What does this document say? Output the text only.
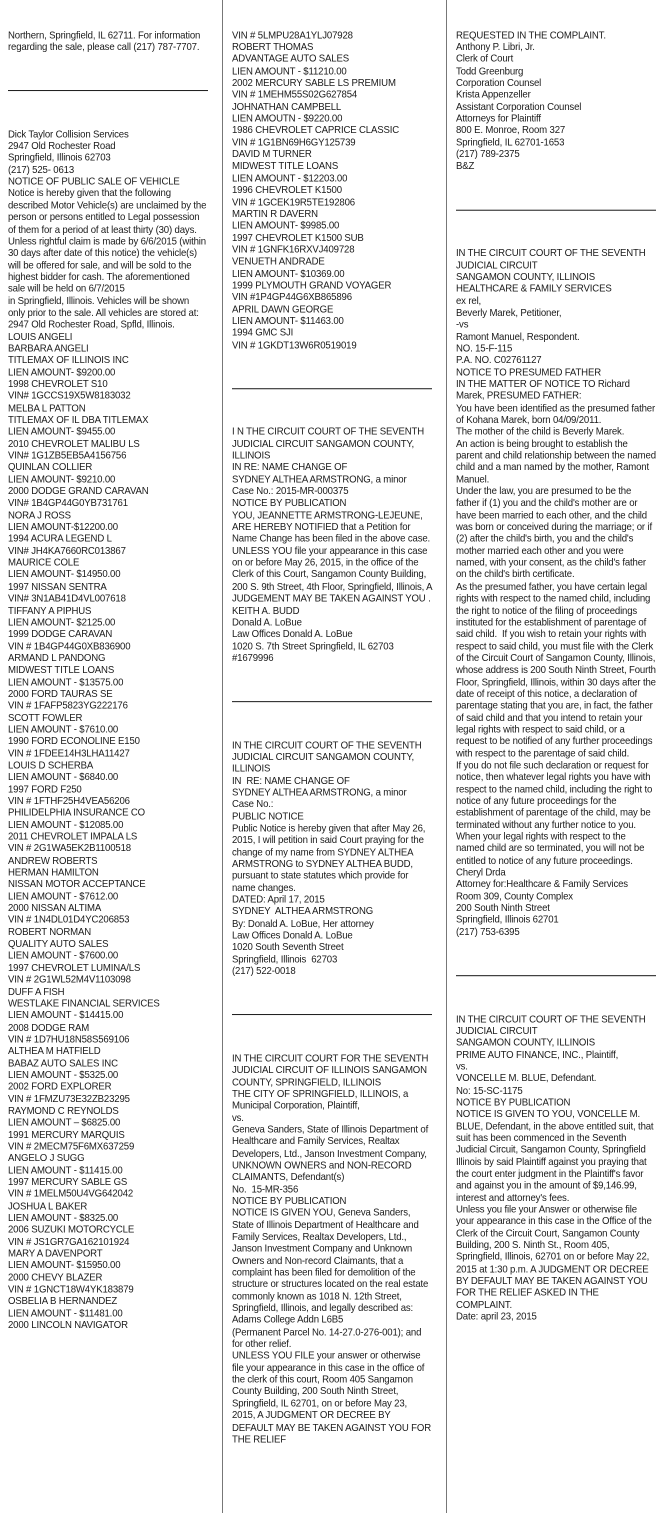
Northern, Springfield, IL 62711. For information regarding the sale, please call (217) 787-7707.

Dick Taylor Collision Services
2947 Old Rochester Road
Springfield, Illinois 62703
(217) 525- 0613
NOTICE OF PUBLIC SALE OF VEHICLE
Notice is hereby given that the following described Motor Vehicle(s) are unclaimed by the person or persons entitled to Legal possession of them for a period of at least thirty (30) days.
Unless rightful claim is made by 6/6/2015 (within 30 days after date of this notice) the vehicle(s) will be offered for sale, and will be sold to the highest bidder for cash. The aforementioned sale will be held on 6/7/2015
in Springfield, Illinois. Vehicles will be shown only prior to the sale. All vehicles are stored at: 2947 Old Rochester Road, Spfld, Illinois.
LOUIS ANGELI
BARBARA ANGELI
TITLEMAX OF ILLINOIS INC
LIEN AMOUNT- $9200.00
1998 CHEVROLET S10
VIN# 1GCCS19X5W8183032
MELBA L PATTON
TITLEMAX OF IL DBA TITLEMAX
LIEN AMOUNT- $9455.00
2010 CHEVROLET MALIBU LS
VIN# 1G1ZB5EB5A4156756
QUINLAN COLLIER
LIEN AMOUNT- $9210.00
2000 DODGE GRAND CARAVAN
VIN# 1B4GP44G0YB731761
NORA J ROSS
LIEN AMOUNT-$12200.00
1994 ACURA LEGEND L
VIN# JH4KA7660RC013867
MAURICE COLE
LIEN AMOUNT- $14950.00
1997 NISSAN SENTRA
VIN# 3N1AB41D4VL007618
TIFFANY A PIPHUS
LIEN AMOUNT- $2125.00
1999 DODGE CARAVAN
VIN # 1B4GP44G0XB836900
ARMAND L PANDONG
MIDWEST TITLE LOANS
LIEN AMOUNT - $13575.00
2000 FORD TAURAS SE
VIN # 1FAFP5823YG222176
SCOTT FOWLER
LIEN AMOUNT - $7610.00
1990 FORD ECONOLINE E150
VIN # 1FDEE14H3LHA11427
LOUIS D SCHERBA
LIEN AMOUNT - $6840.00
1997 FORD F250
VIN # 1FTHF25H4VEA56206
PHILIDELPHIA INSURANCE CO
LIEN AMOUNT - $12085.00
2011 CHEVROLET IMPALA LS
VIN # 2G1WA5EK2B1100518
ANDREW ROBERTS
HERMAN HAMILTON
NISSAN MOTOR ACCEPTANCE
LIEN AMOUNT - $7612.00
2000 NISSAN ALTIMA
VIN # 1N4DL01D4YC206853
ROBERT NORMAN
QUALITY AUTO SALES
LIEN AMOUNT - $7600.00
1997 CHEVROLET LUMINA/LS
VIN # 2G1WL52M4V1103098
DUFF A FISH
WESTLAKE FINANCIAL SERVICES
LIEN AMOUNT - $14415.00
2008 DODGE RAM
VIN # 1D7HU18N58S569106
ALTHEA M HATFIELD
BABAZ AUTO SALES INC
LIEN AMOUNT - $5325.00
2002 FORD EXPLORER
VIN # 1FMZU73E32ZB23295
RAYMOND C REYNOLDS
LIEN AMOUNT – $6825.00
1991 MERCURY MARQUIS
VIN # 2MECM75F6MX637259
ANGELO J SUGG
LIEN AMOUNT - $11415.00
1997 MERCURY SABLE GS
VIN # 1MELM50U4VG642042
JOSHUA L BAKER
LIEN AMOUNT - $8325.00
2006 SUZUKI MOTORCYCLE
VIN # JS1GR7GA162101924
MARY A DAVENPORT
LIEN AMOUNT- $15950.00
2000 CHEVY BLAZER
VIN # 1GNCT18W4YK183879
OSBELIA B HERNANDEZ
LIEN AMOUNT - $11481.00
2000 LINCOLN NAVIGATOR

VIN # 5LMPU28A1YLJ07928
ROBERT THOMAS
ADVANTAGE AUTO SALES
LIEN AMOUNT - $11210.00
2002 MERCURY SABLE LS PREMIUM
VIN # 1MEHM55S02G627854
JOHNATHAN CAMPBELL
LIEN AMOUTN - $9220.00
1986 CHEVROLET CAPRICE CLASSIC
VIN # 1G1BN69H6GY125739
DAVID M TURNER
MIDWEST TITLE LOANS
LIEN AMOUNT - $12203.00
1996 CHEVROLET K1500
VIN # 1GCEK19R5TE192806
MARTIN R DAVERN
LIEN AMOUNT- $9985.00
1997 CHEVROLET K1500 SUB
VIN # 1GNFK16RXVJ409728
VENUETH ANDRADE
LIEN AMOUNT- $10369.00
1999 PLYMOUTH GRAND VOYAGER
VIN #1P4GP44G6XB865896
APRIL DAWN GEORGE
LIEN AMOUNT- $11463.00
1994 GMC SJI
VIN # 1GKDT13W6R0519019

I N THE CIRCUIT COURT OF THE SEVENTH JUDICIAL CIRCUIT SANGAMON COUNTY, ILLINOIS
IN RE: NAME CHANGE OF
SYDNEY ALTHEA ARMSTRONG, a minor
Case No.: 2015-MR-000375
NOTICE BY PUBLICATION
YOU, JEANNETTE ARMSTRONG-LEJEUNE, ARE HEREBY NOTIFIED that a Petition for Name Change has been filed in the above case.
UNLESS YOU file your appearance in this case on or before May 26, 2015, in the office of the Clerk of this Court, Sangamon County Building, 200 S. 9th Street, 4th Floor, Springfield, Illinois, A JUDGEMENT MAY BE TAKEN AGAINST YOU .
KEITH A. BUDD
Donald A. LoBue
Law Offices Donald A. LoBue
1020 S. 7th Street Springfield, IL 62703
#1679996

IN THE CIRCUIT COURT OF THE SEVENTH JUDICIAL CIRCUIT SANGAMON COUNTY, ILLINOIS
IN  RE: NAME CHANGE OF
SYDNEY ALTHEA ARMSTRONG, a minor
Case No.:
PUBLIC NOTICE
Public Notice is hereby given that after May 26, 2015, I will petition in said Court praying for the change of my name from SYDNEY ALTHEA ARMSTRONG to SYDNEY ALTHEA BUDD, pursuant to state statutes which provide for name changes.
DATED: April 17, 2015
SYDNEY  ALTHEA ARMSTRONG
By: Donald A. LoBue, Her attorney
Law Offices Donald A. LoBue
1020 South Seventh Street
Springfield, Illinois  62703
(217) 522-0018

IN THE CIRCUIT COURT FOR THE SEVENTH JUDICIAL CIRCUIT OF ILLINOIS SANGAMON COUNTY, SPRINGFIELD, ILLINOIS
THE CITY OF SPRINGFIELD, ILLINOIS, a Municipal Corporation, Plaintiff,
vs.
Geneva Sanders, State of Illinois Department of Healthcare and Family Services, Realtax Developers, Ltd., Janson Investment Company, UNKNOWN OWNERS and NON-RECORD CLAIMANTS, Defendant(s)
No.  15-MR-356
NOTICE BY PUBLICATION
NOTICE IS GIVEN YOU, Geneva Sanders, State of Illinois Department of Healthcare and Family Services, Realtax Developers, Ltd., Janson Investment Company and Unknown Owners and Non-record Claimants, that a complaint has been filed for demolition of the structure or structures located on the real estate commonly known as 1018 N. 12th Street, Springfield, Illinois, and legally described as:
Adams College Addn L6B5
(Permanent Parcel No. 14-27.0-276-001); and for other relief.
UNLESS YOU FILE your answer or otherwise file your appearance in this case in the office of the clerk of this court, Room 405 Sangamon County Building, 200 South Ninth Street, Springfield, IL 62701, on or before May 23, 2015, A JUDGMENT OR DECREE BY DEFAULT MAY BE TAKEN AGAINST YOU FOR THE RELIEF

REQUESTED IN THE COMPLAINT.
Anthony P. Libri, Jr.
Clerk of Court
Todd Greenburg
Corporation Counsel
Krista Appenzeller
Assistant Corporation Counsel
Attorneys for Plaintiff
800 E. Monroe, Room 327
Springfield, IL 62701-1653
(217) 789-2375
B&Z

IN THE CIRCUIT COURT OF THE SEVENTH JUDICIAL CIRCUIT
SANGAMON COUNTY, ILLINOIS
HEALTHCARE & FAMILY SERVICES
ex rel,
Beverly Marek, Petitioner,
-vs
Ramont Manuel, Respondent.
NO. 15-F-115
P.A. NO. C02761127
NOTICE TO PRESUMED FATHER
IN THE MATTER OF NOTICE TO Richard Marek, PRESUMED FATHER:
You have been identified as the presumed father of Kohana Marek, born 04/09/2011.
The mother of the child is Beverly Marek.
An action is being brought to establish the parent and child relationship between the named child and a man named by the mother, Ramont Manuel.
Under the law, you are presumed to be the father if (1) you and the child's mother are or have been married to each other, and the child was born or conceived during the marriage; or if
(2) after the child's birth, you and the child's mother married each other and you were named, with your consent, as the child's father on the child's birth certificate.
As the presumed father, you have certain legal rights with respect to the named child, including the right to notice of the filing of proceedings instituted for the establishment of parentage of said child.  If you wish to retain your rights with respect to said child, you must file with the Clerk of the Circuit Court of Sangamon County, Illinois, whose address is 200 South Ninth Street, Fourth Floor, Springfield, Illinois, within 30 days after the date of receipt of this notice, a declaration of parentage stating that you are, in fact, the father of said child and that you intend to retain your legal rights with respect to said child, or a request to be notified of any further proceedings with respect to the parentage of said child.
If you do not file such declaration or request for notice, then whatever legal rights you have with respect to the named child, including the right to notice of any future proceedings for the establishment of parentage of the child, may be terminated without any further notice to you. When your legal rights with respect to the named child are so terminated, you will not be entitled to notice of any future proceedings.
Cheryl Drda
Attorney for:Healthcare & Family Services
Room 309, County Complex
200 South Ninth Street
Springfield, Illinois 62701
(217) 753-6395

IN THE CIRCUIT COURT OF THE SEVENTH JUDICIAL CIRCUIT
SANGAMON COUNTY, ILLINOIS
PRIME AUTO FINANCE, INC., Plaintiff,
vs.
VONCELLE M. BLUE, Defendant.
No: 15-SC-1175
NOTICE BY PUBLICATION
NOTICE IS GIVEN TO YOU, VONCELLE M. BLUE, Defendant, in the above entitled suit, that suit has been commenced in the Seventh Judicial Circuit, Sangamon County, Springfield Illinois by said Plaintiff against you praying that the court enter judgment in the Plaintiff's favor and against you in the amount of $9,146.99, interest and attorney's fees.
Unless you file your Answer or otherwise file your appearance in this case in the Office of the Clerk of the Circuit Court, Sangamon County Building, 200 S. Ninth St., Room 405, Springfield, Illinois, 62701 on or before May 22, 2015 at 1:30 p.m. A JUDGMENT OR DECREE BY DEFAULT MAY BE TAKEN AGAINST YOU FOR THE RELIEF ASKED IN THE COMPLAINT.
Date: april 23, 2015
